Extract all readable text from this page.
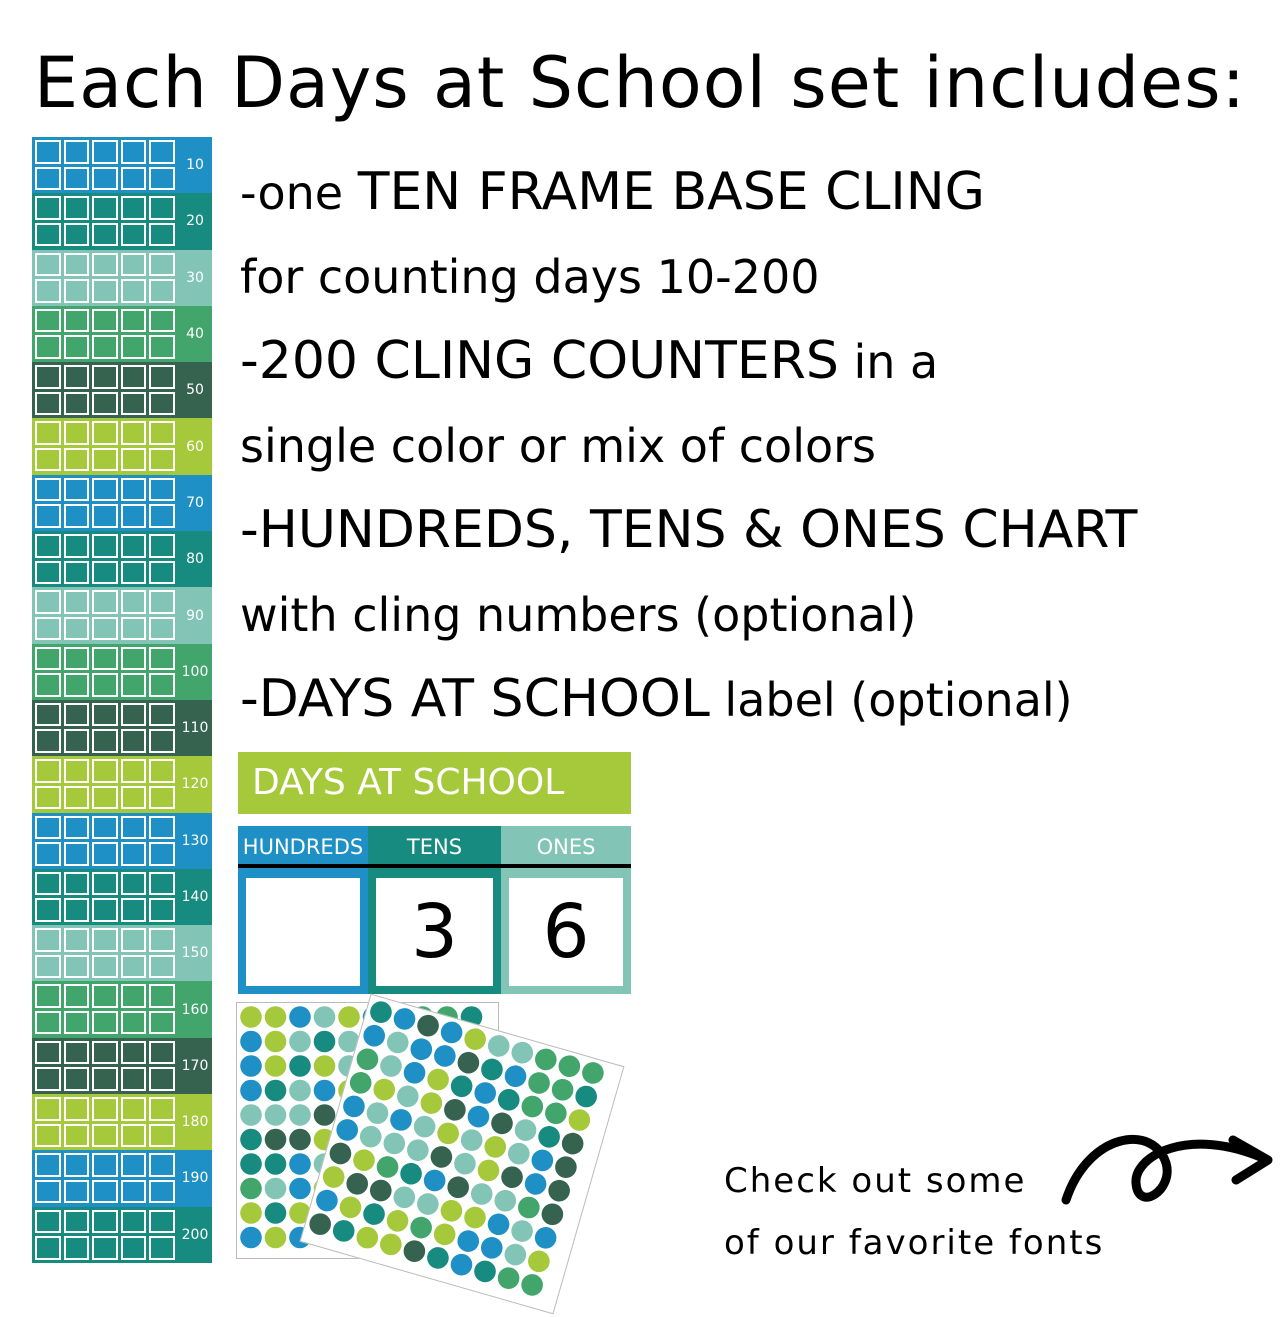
Each Days at School set includes:
10
20
30
40
50
60
70
80
90
100
110
120
130
140
150
160
170
180
190
200
-one TEN FRAME BASE CLING
for counting days 10-200
-200 CLING COUNTERS in a
single color or mix of colors
-HUNDREDS, TENS & ONES CHART
with cling numbers (optional)
-DAYS AT SCHOOL label (optional)
DAYS AT SCHOOL
HUNDREDS	TENS
3
ONES
6
Check out some
of our favorite fonts
